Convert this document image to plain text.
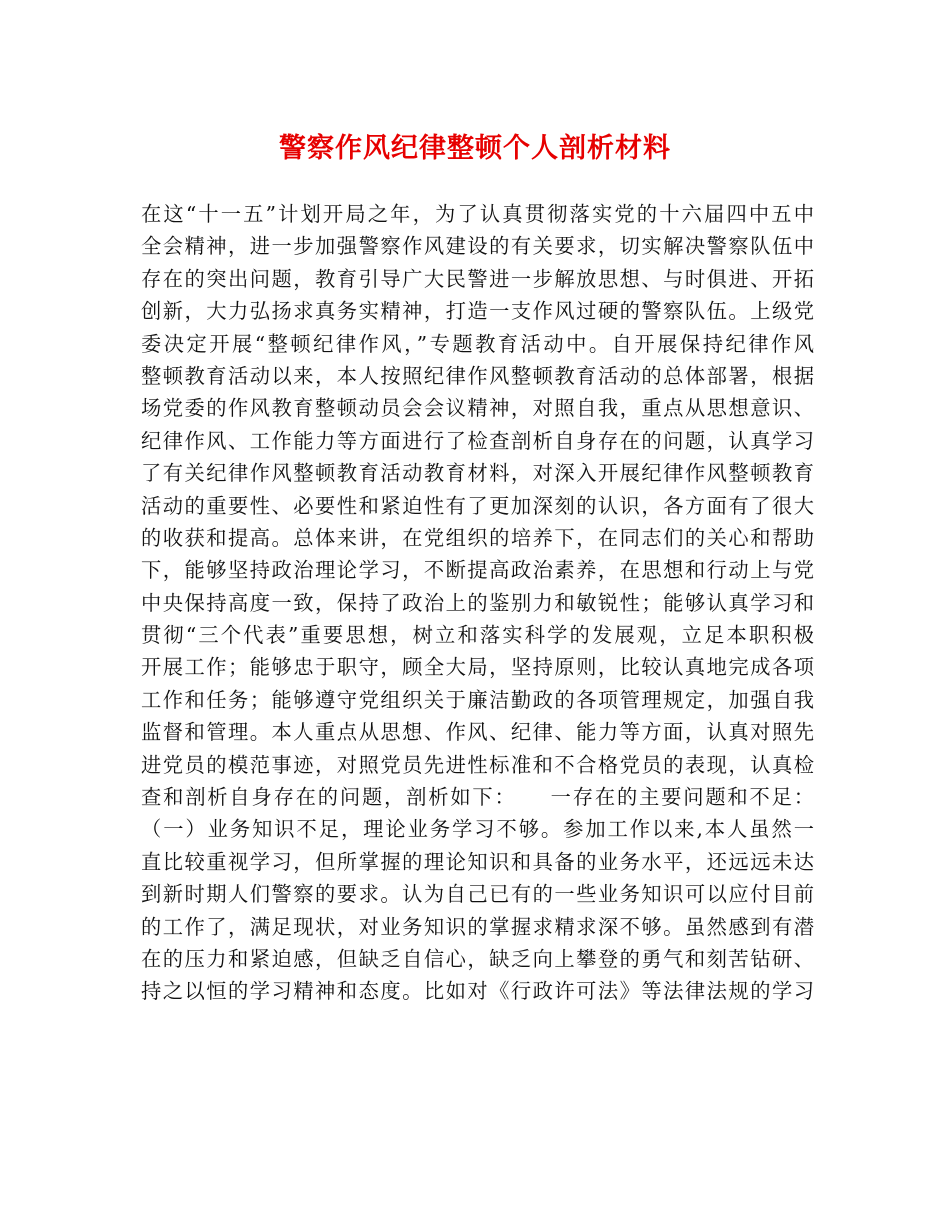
警察作风纪律整顿个人剖析材料
在这“十一五”计划开局之年，为了认真贯彻落实党的十六届四中五中
全会精神，进一步加强警察作风建设的有关要求，切实解决警察队伍中
存在的突出问题，教育引导广大民警进一步解放思想、与时俱进、开拓
创新，大力弘扬求真务实精神，打造一支作风过硬的警察队伍。上级党
委决定开展“整顿纪律作风，”专题教育活动中。自开展保持纪律作风
整顿教育活动以来，本人按照纪律作风整顿教育活动的总体部署，根据
场党委的作风教育整顿动员会会议精神，对照自我，重点从思想意识、
纪律作风、工作能力等方面进行了检查剖析自身存在的问题，认真学习
了有关纪律作风整顿教育活动教育材料，对深入开展纪律作风整顿教育
活动的重要性、必要性和紧迫性有了更加深刻的认识，各方面有了很大
的收获和提高。总体来讲，在党组织的培养下，在同志们的关心和帮助
下，能够坚持政治理论学习，不断提高政治素养，在思想和行动上与党
中央保持高度一致，保持了政治上的鉴别力和敏锐性；能够认真学习和
贯彻“三个代表”重要思想，树立和落实科学的发展观，立足本职积极
开展工作；能够忠于职守，顾全大局，坚持原则，比较认真地完成各项
工作和任务；能够遵守党组织关于廉洁勤政的各项管理规定，加强自我
监督和管理。本人重点从思想、作风、纪律、能力等方面，认真对照先
进党员的模范事迹，对照党员先进性标准和不合格党员的表现，认真检
查和剖析自身存在的问题，剖析如下：　　一存在的主要问题和不足：
（一）业务知识不足，理论业务学习不够。参加工作以来,本人虽然一
直比较重视学习，但所掌握的理论知识和具备的业务水平，还远远未达
到新时期人们警察的要求。认为自己已有的一些业务知识可以应付目前
的工作了，满足现状，对业务知识的掌握求精求深不够。虽然感到有潜
在的压力和紧迫感，但缺乏自信心，缺乏向上攀登的勇气和刻苦钻研、
持之以恒的学习精神和态度。比如对《行政许可法》等法律法规的学习
